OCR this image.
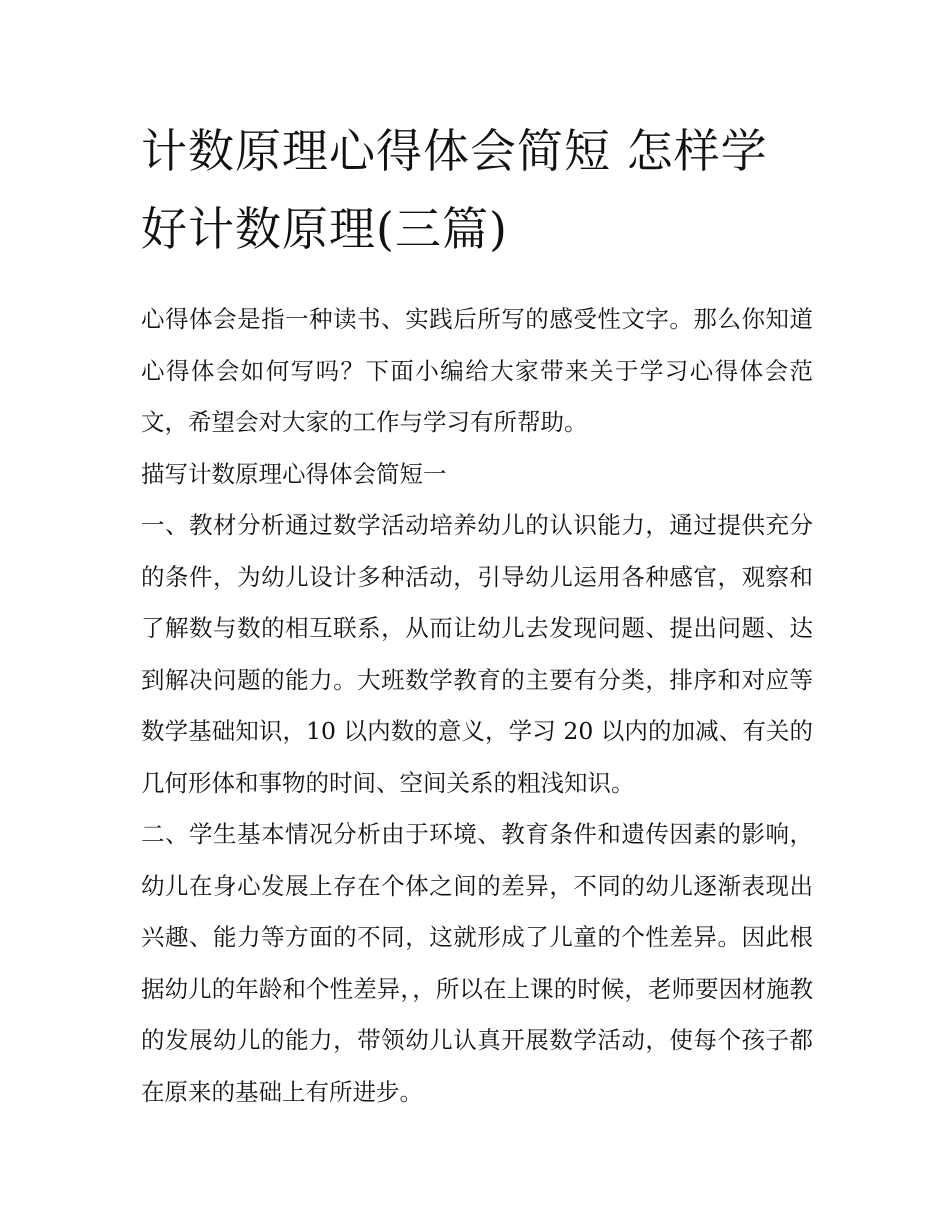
计数原理心得体会简短 怎样学好计数原理(三篇)

心得体会是指一种读书、实践后所写的感受性文字。那么你知道心得体会如何写吗？下面小编给大家带来关于学习心得体会范文，希望会对大家的工作与学习有所帮助。

描写计数原理心得体会简短一

一、教材分析通过数学活动培养幼儿的认识能力，通过提供充分的条件，为幼儿设计多种活动，引导幼儿运用各种感官，观察和了解数与数的相互联系，从而让幼儿去发现问题、提出问题、达到解决问题的能力。大班数学教育的主要有分类，排序和对应等数学基础知识，10 以内数的意义，学习 20 以内的加减、有关的几何形体和事物的时间、空间关系的粗浅知识。

二、学生基本情况分析由于环境、教育条件和遗传因素的影响，幼儿在身心发展上存在个体之间的差异，不同的幼儿逐渐表现出兴趣、能力等方面的不同，这就形成了儿童的个性差异。因此根据幼儿的年龄和个性差异，，所以在上课的时候，老师要因材施教的发展幼儿的能力，带领幼儿认真开展数学活动，使每个孩子都在原来的基础上有所进步。
